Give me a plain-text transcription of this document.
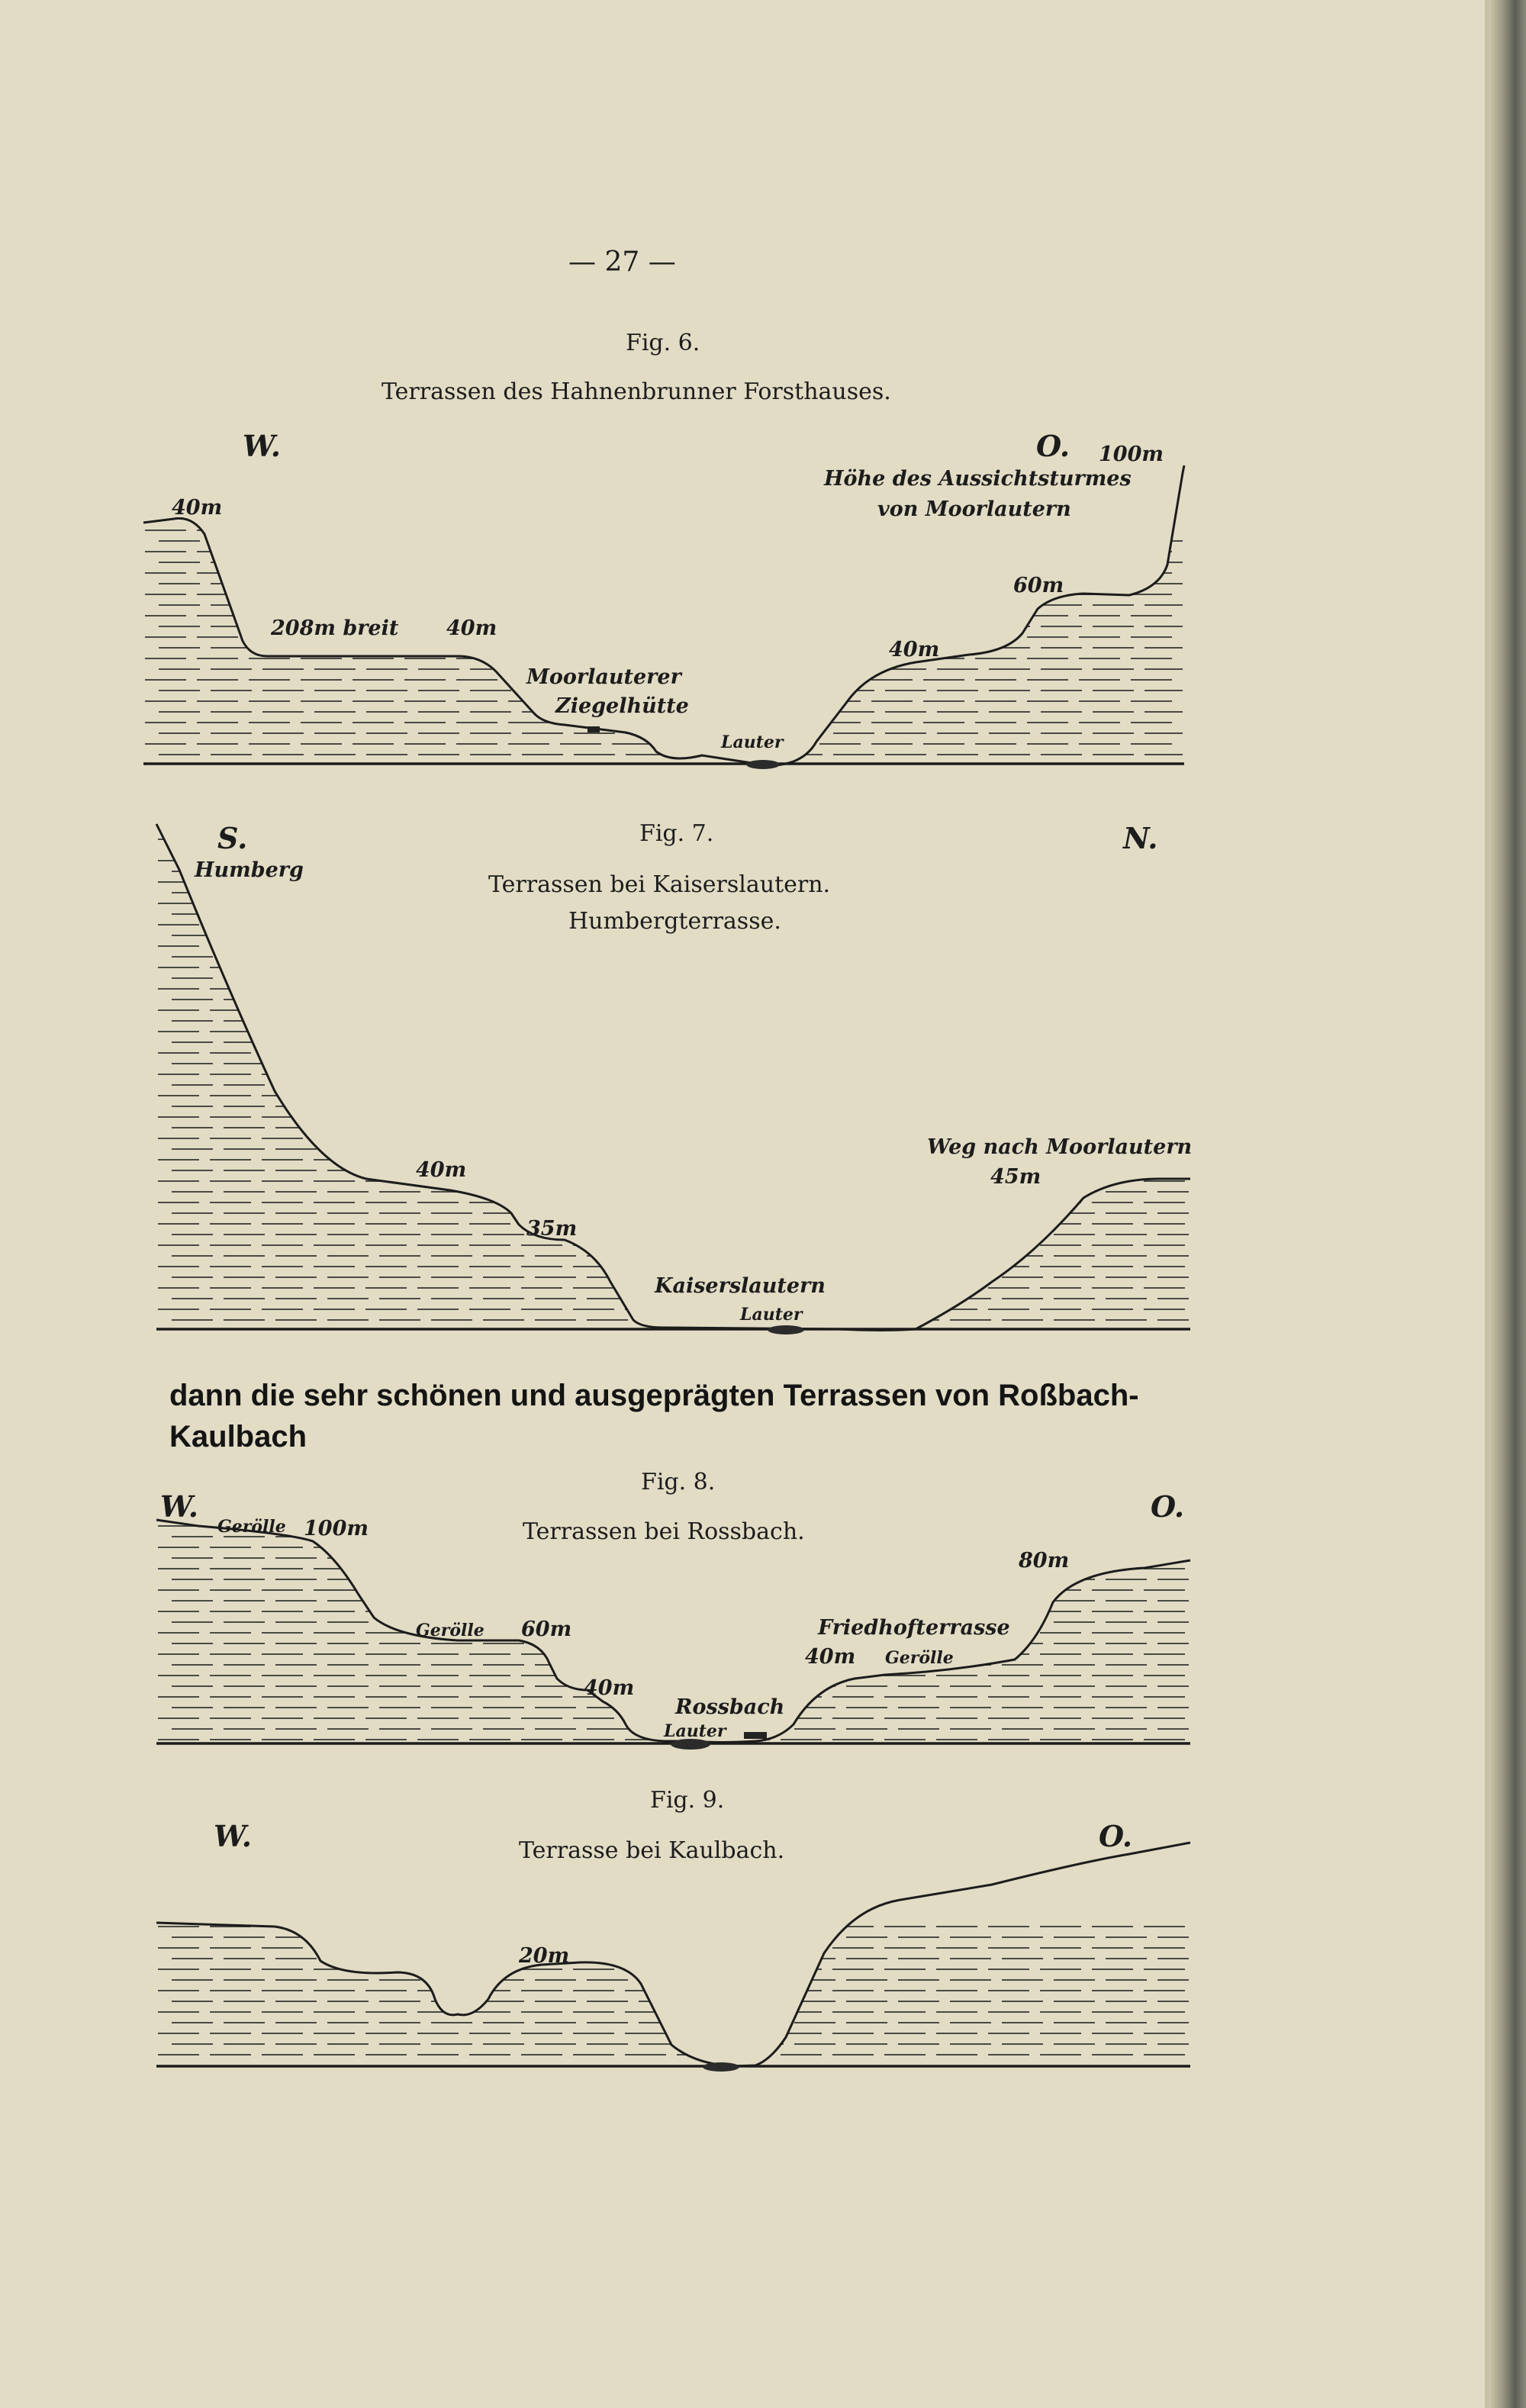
— 27 —
Fig. 6.
Terrassen des Hahnenbrunner Forsthauses.
W.	O.
40m
208m breit 40m
Moorlauterer
Ziegelhütte
Lauter
40m
60m
100m
Höhe des Aussichtsturmes
von Moorlautern
Fig. 7.
Terrassen bei Kaiserslautern.
Humbergterrasse.
S.	N.
Humberg
40m
35m
Kaiserslautern
Lauter
Weg nach Moorlautern
45m
dann die sehr schönen und ausgeprägten Terrassen von Roßbach-Kaulbach
Fig. 8.
Terrassen bei Rossbach.
W.	O.
Gerölle 100m
Gerölle 60m
40m
Rossbach
Lauter
Friedhofterrasse
40m Gerölle
80m
Fig. 9.
Terrasse bei Kaulbach.
W.	O.
20m
